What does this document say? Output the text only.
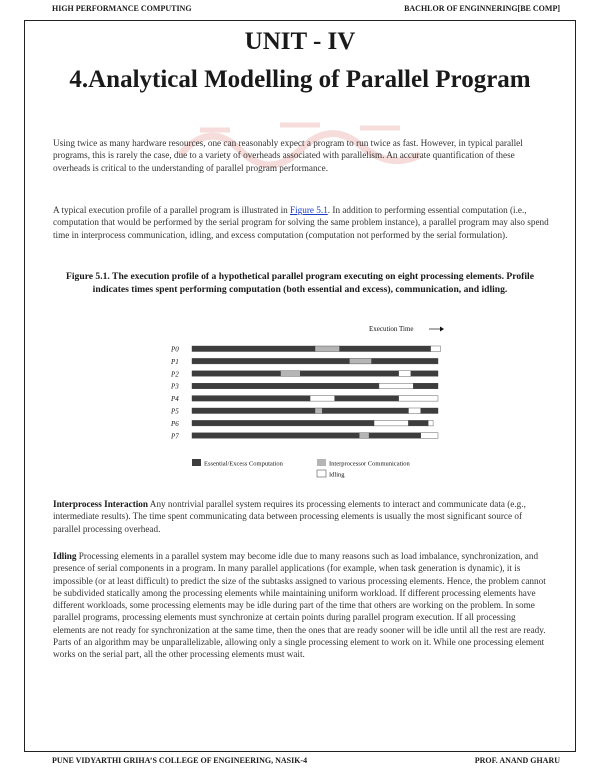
HIGH PERFORMANCE COMPUTING	BACHLOR OF ENGINNERING[BE COMP]
UNIT - IV
4.Analytical Modelling of Parallel Program
Using twice as many hardware resources, one can reasonably expect a program to run twice as fast. However, in typical parallel programs, this is rarely the case, due to a variety of overheads associated with parallelism. An accurate quantification of these overheads is critical to the understanding of parallel program performance.
A typical execution profile of a parallel program is illustrated in Figure 5.1. In addition to performing essential computation (i.e., computation that would be performed by the serial program for solving the same problem instance), a parallel program may also spend time in interprocess communication, idling, and excess computation (computation not performed by the serial formulation).
Figure 5.1. The execution profile of a hypothetical parallel program executing on eight processing elements. Profile indicates times spent performing computation (both essential and excess), communication, and idling.
Execution Time
P0
P1
P2
P3
P4
P5
P6
P7
Essential/Excess Computation	Interprocessor Communication
Idling
Interprocess Interaction Any nontrivial parallel system requires its processing elements to interact and communicate data (e.g., intermediate results). The time spent communicating data between processing elements is usually the most significant source of parallel processing overhead.
Idling Processing elements in a parallel system may become idle due to many reasons such as load imbalance, synchronization, and presence of serial components in a program. In many parallel applications (for example, when task generation is dynamic), it is impossible (or at least difficult) to predict the size of the subtasks assigned to various processing elements. Hence, the problem cannot be subdivided statically among the processing elements while maintaining uniform workload. If different processing elements have different workloads, some processing elements may be idle during part of the time that others are working on the problem. In some parallel programs, processing elements must synchronize at certain points during parallel program execution. If all processing elements are not ready for synchronization at the same time, then the ones that are ready sooner will be idle until all the rest are ready. Parts of an algorithm may be unparallelizable, allowing only a single processing element to work on it. While one processing element works on the serial part, all the other processing elements must wait.
PUNE VIDYARTHI GRIHA’S COLLEGE OF ENGINEERING, NASIK-4	PROF. ANAND GHARU
